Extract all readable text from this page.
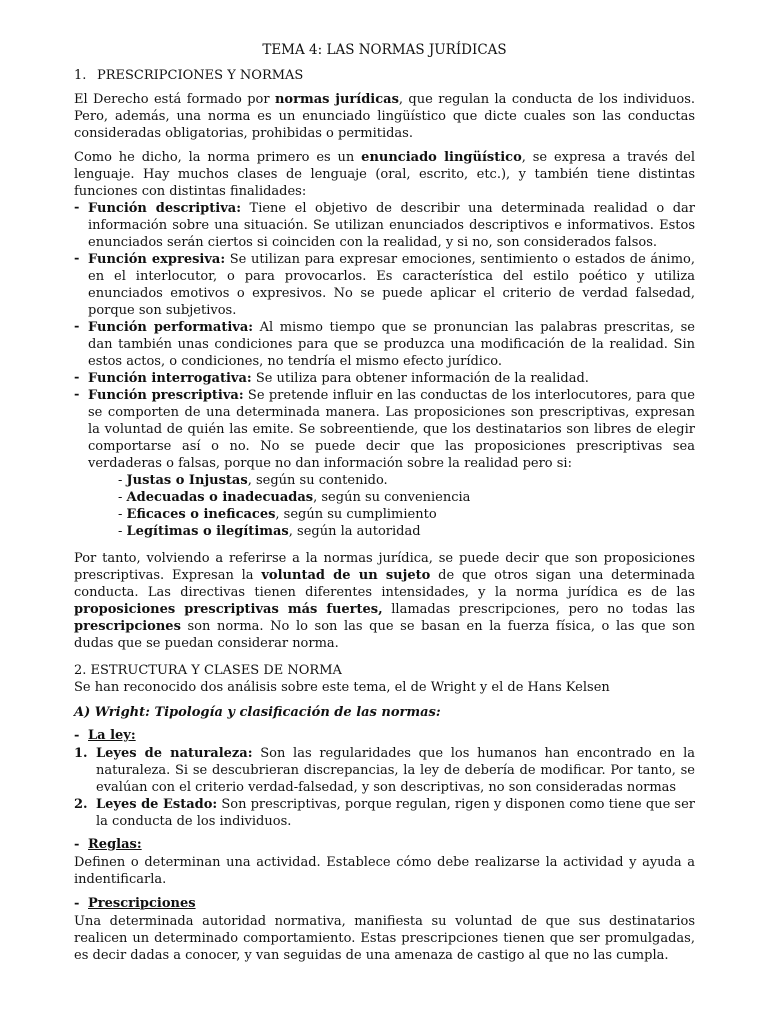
TEMA 4: LAS NORMAS JURÍDICAS
1. PRESCRIPCIONES Y NORMAS

El Derecho está formado por normas jurídicas, que regulan la conducta de los individuos. Pero, además, una norma es un enunciado lingüístico que dicte cuales son las conductas consideradas obligatorias, prohibidas o permitidas.

Como he dicho, la norma primero es un enunciado lingüístico, se expresa a través del lenguaje. Hay muchos clases de lenguaje (oral, escrito, etc.), y también tiene distintas funciones con distintas finalidades:

- Función descriptiva: Tiene el objetivo de describir una determinada realidad o dar información sobre una situación. Se utilizan enunciados descriptivos e informativos. Estos enunciados serán ciertos si coinciden con la realidad, y si no, son considerados falsos.
- Función expresiva: Se utilizan para expresar emociones, sentimiento o estados de ánimo, en el interlocutor, o para provocarlos. Es característica del estilo poético y utiliza enunciados emotivos o expresivos. No se puede aplicar el criterio de verdad falsedad, porque son subjetivos.
- Función performativa: Al mismo tiempo que se pronuncian las palabras prescritas, se dan también unas condiciones para que se produzca una modificación de la realidad. Sin estos actos, o condiciones, no tendría el mismo efecto jurídico.
- Función interrogativa: Se utiliza para obtener información de la realidad.
- Función prescriptiva: Se pretende influir en las conductas de los interlocutores, para que se comporten de una determinada manera. Las proposiciones son prescriptivas, expresan la voluntad de quién las emite. Se sobreentiende, que los destinatarios son libres de elegir comportarse así o no. No se puede decir que las proposiciones prescriptivas sea verdaderas o falsas, porque no dan información sobre la realidad pero si:
- Justas o Injustas, según su contenido.
- Adecuadas o inadecuadas, según su conveniencia
- Eficaces o ineficaces, según su cumplimiento
- Legítimas o ilegítimas, según la autoridad

Por tanto, volviendo a referirse a la normas jurídica, se puede decir que son proposiciones prescriptivas. Expresan la voluntad de un sujeto de que otros sigan una determinada conducta. Las directivas tienen diferentes intensidades, y la norma jurídica es de las proposiciones prescriptivas más fuertes, llamadas prescripciones, pero no todas las prescripciones son norma. No lo son las que se basan en la fuerza física, o las que son dudas que se puedan considerar norma.

2. ESTRUCTURA Y CLASES DE NORMA

Se han reconocido dos análisis sobre este tema, el de Wright y el de Hans Kelsen

A) Wright: Tipología y clasificación de las normas:
- La ley:
1. Leyes de naturaleza: Son las regularidades que los humanos han encontrado en la naturaleza. Si se descubrieran discrepancias, la ley de debería de modificar. Por tanto, se evalúan con el criterio verdad-falsedad, y son descriptivas, no son consideradas normas
2. Leyes de Estado: Son prescriptivas, porque regulan, rigen y disponen como tiene que ser la conducta de los individuos.
- Reglas:

Definen o determinan una actividad. Establece cómo debe realizarse la actividad y ayuda a indentificarla.

- Prescripciones

Una determinada autoridad normativa, manifiesta su voluntad de que sus destinatarios realicen un determinado comportamiento. Estas prescripciones tienen que ser promulgadas, es decir dadas a conocer, y van seguidas de una amenaza de castigo al que no las cumpla.
